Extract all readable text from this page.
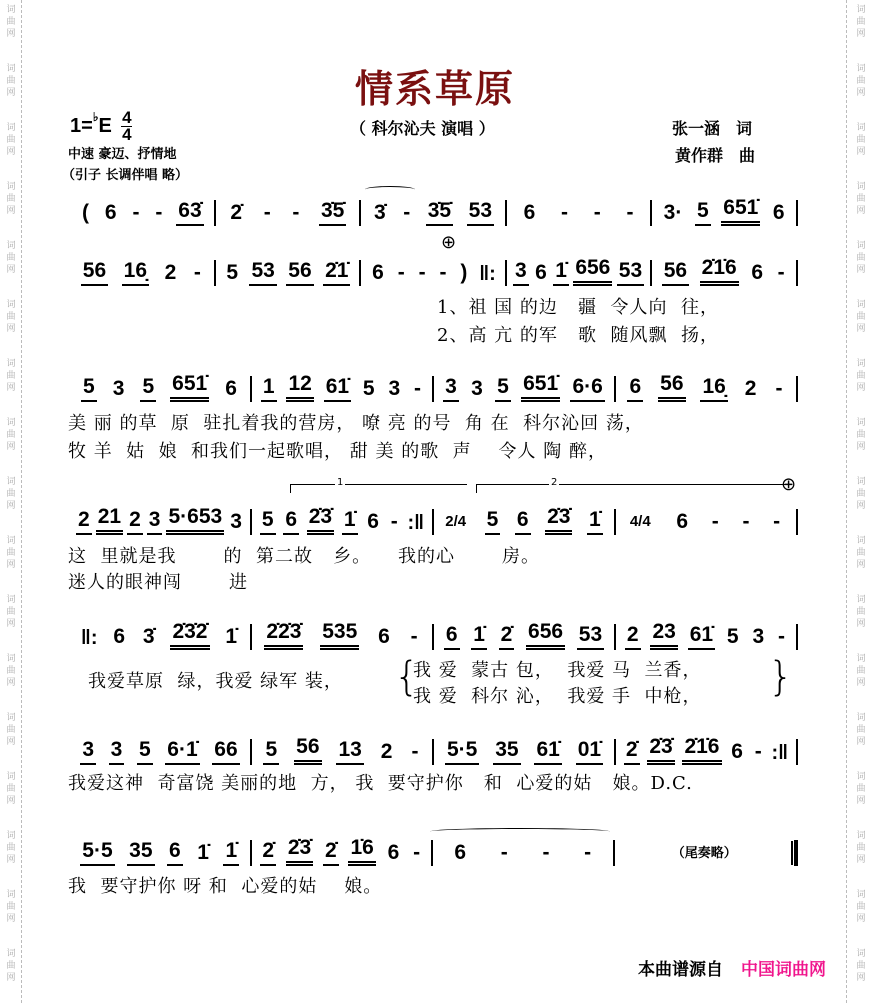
词曲网
词曲网
词曲网
词曲网
词曲网
词曲网
词曲网
词曲网
词曲网
词曲网
词曲网
词曲网
词曲网
词曲网
词曲网
词曲网
词曲网
词曲网
词曲网
词曲网
词曲网
词曲网
词曲网
词曲网
词曲网
词曲网
词曲网
词曲网
词曲网
词曲网
词曲网
词曲网
词曲网
词曲网
情系草原
$1=^♭E \frac{4}{4}$
中速 豪迈、抒情地
（引子 长调伴唱 略）
（ 科尔沁夫 演唱 ）	张一涵　词
黄作群　曲
( 6 - - 63̇ 2̇ - - 3̇5̇ 3̇ - 3̇5̇ 53 6 - - - 3· 5 651̇ 6
56 16̣ 2 - 5 53 56 2̇1̇ 6 - - - ) ‖: 3 6 1̇ 656 53 56 2̇1̇6 6 -
5 3 5 651̇ 6 1 12 61̇ 5 3 - 3 3 5 651̇ 6·6 6 56 16̣ 2 -
2 21 2 3 5·653 3 5 6 2̇3̇ 1̇ 6 - :‖ 2/4 5 6 2̇3̇ 1̇ 4/4 6 - - -
‖: 6 3̇ 2̇3̇2̇ 1̇ 2̇2̇3̇ 535 6 - 6 1̇ 2̇ 656 53 2 23 61̇ 5 3 -
3 3 5 6·1̇ 66 5 56 13 2 - 5·5 35 61̇ 01̇ 2̇ 2̇3̇ 2̇1̇6 6 - :‖
5·5 35 6 1̇ 1̇ 2̇ 2̇3̇ 2̇ 1̇6 6 - 6 - - -	（尾奏略）
⊕
⊕
1	2
1、祖 国 的边   疆  令人向  往，
2、高 亢 的军   歌  随风飘  扬，
美 丽 的草  原  驻扎着我的营房， 嘹 亮 的号  角 在  科尔沁回 荡，
牧 羊  姑  娘  和我们一起歌唱， 甜 美 的歌  声    令人 陶 醉，
这  里就是我       的  第二故   乡。    我的心       房。
迷人的眼神闯       进
我爱草原  绿，我爱 绿军 装， {
我 爱  蒙古 包，  我爱 马  兰香，
我 爱  科尔 沁，  我爱 手  中枪， }
我爱这神  奇富饶 美丽的地  方， 我  要守护你   和  心爱的姑   娘。D.C.
我  要守护你 呀 和  心爱的姑    娘。
本曲谱源自 中国词曲网
